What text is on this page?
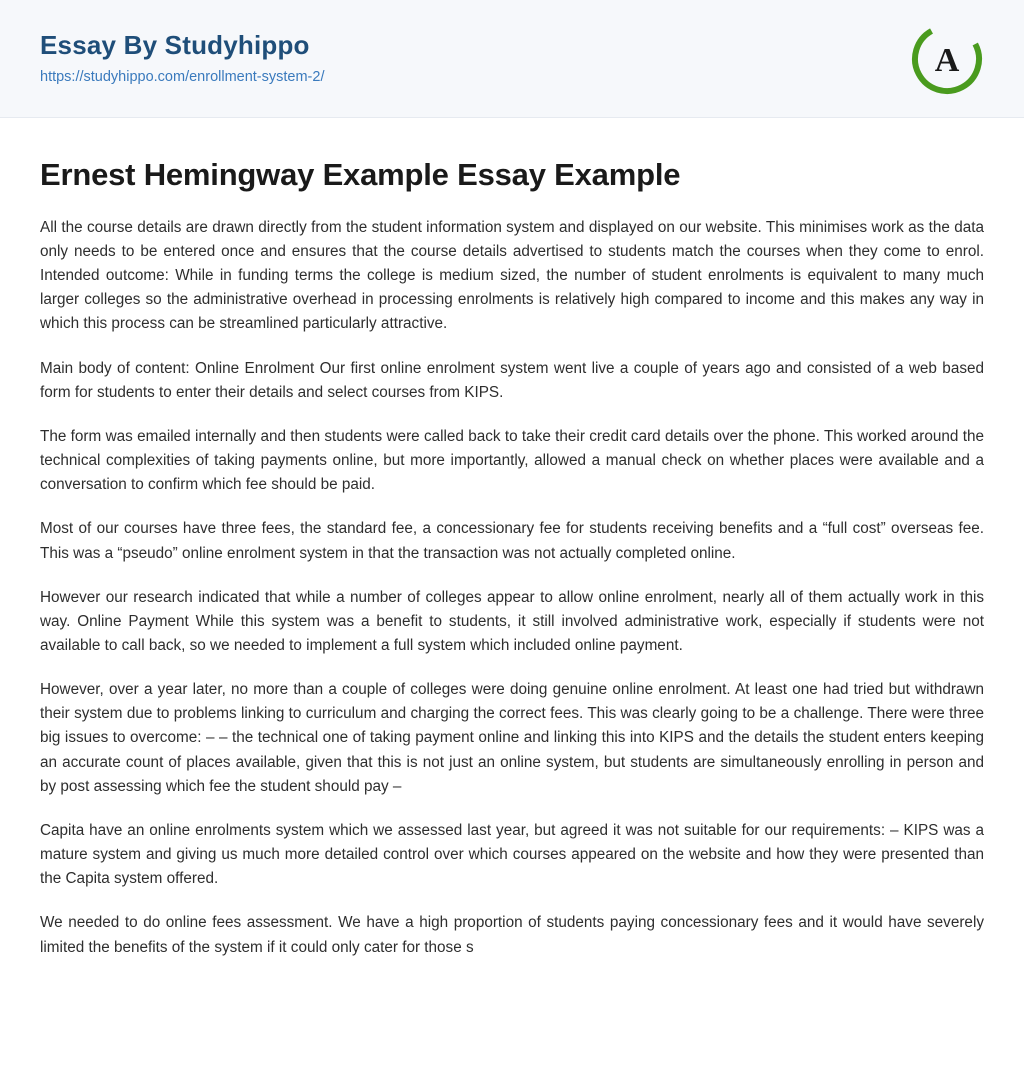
Essay By Studyhippo
https://studyhippo.com/enrollment-system-2/	A
Ernest Hemingway Example Essay Example

All the course details are drawn directly from the student information system and displayed on our website. This minimises work as the data only needs to be entered once and ensures that the course details advertised to students match the courses when they come to enrol. Intended outcome: While in funding terms the college is medium sized, the number of student enrolments is equivalent to many much larger colleges so the administrative overhead in processing enrolments is relatively high compared to income and this makes any way in which this process can be streamlined particularly attractive.

Main body of content: Online Enrolment Our first online enrolment system went live a couple of years ago and consisted of a web based form for students to enter their details and select courses from KIPS.

The form was emailed internally and then students were called back to take their credit card details over the phone. This worked around the technical complexities of taking payments online, but more importantly, allowed a manual check on whether places were available and a conversation to confirm which fee should be paid.

Most of our courses have three fees, the standard fee, a concessionary fee for students receiving benefits and a “full cost” overseas fee. This was a “pseudo” online enrolment system in that the transaction was not actually completed online.

However our research indicated that while a number of colleges appear to allow online enrolment, nearly all of them actually work in this way. Online Payment While this system was a benefit to students, it still involved administrative work, especially if students were not available to call back, so we needed to implement a full system which included online payment.

However, over a year later, no more than a couple of colleges were doing genuine online enrolment. At least one had tried but withdrawn their system due to problems linking to curriculum and charging the correct fees. This was clearly going to be a challenge. There were three big issues to overcome: – – the technical one of taking payment online and linking this into KIPS and the details the student enters keeping an accurate count of places available, given that this is not just an online system, but students are simultaneously enrolling in person and by post assessing which fee the student should pay –

Capita have an online enrolments system which we assessed last year, but agreed it was not suitable for our requirements: – KIPS was a mature system and giving us much more detailed control over which courses appeared on the website and how they were presented than the Capita system offered.

We needed to do online fees assessment. We have a high proportion of students paying concessionary fees and it would have severely limited the benefits of the system if it could only cater for those s
